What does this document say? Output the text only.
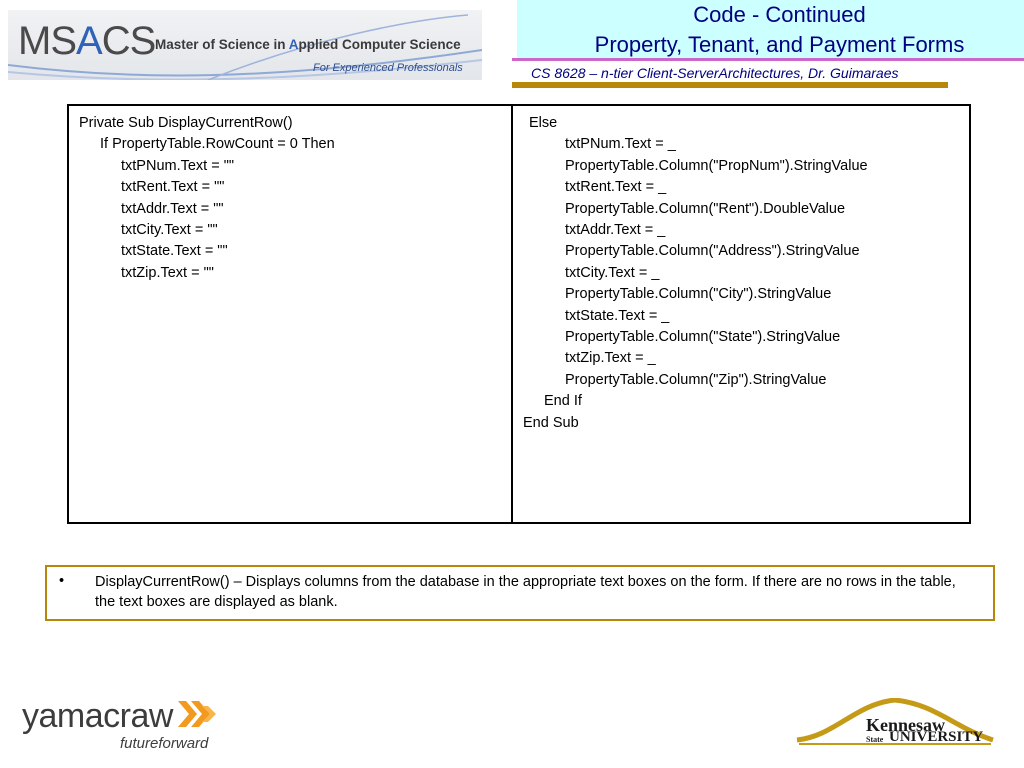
MSACS Master of Science in Applied Computer Science
For Experienced Professionals
Code - Continued
Property, Tenant, and Payment Forms
CS 8628 – n-tier Client-ServerArchitectures, Dr. Guimaraes
Private Sub DisplayCurrentRow()
If PropertyTable.RowCount = 0 Then
txtPNum.Text = ""
txtRent.Text = ""
txtAddr.Text = ""
txtCity.Text = ""
txtState.Text = ""
txtZip.Text = ""
Else
txtPNum.Text = _
PropertyTable.Column("PropNum").StringValue
txtRent.Text = _
PropertyTable.Column("Rent").DoubleValue
txtAddr.Text = _
PropertyTable.Column("Address").StringValue
txtCity.Text = _
PropertyTable.Column("City").StringValue
txtState.Text = _
PropertyTable.Column("State").StringValue
txtZip.Text = _
PropertyTable.Column("Zip").StringValue
End If
End Sub
• DisplayCurrentRow() – Displays columns from the database in the appropriate text boxes on the form. If there are no rows in the table, the text boxes are displayed as blank.
yamacraw
futureforward
Kennesaw
State UNIVERSITY
